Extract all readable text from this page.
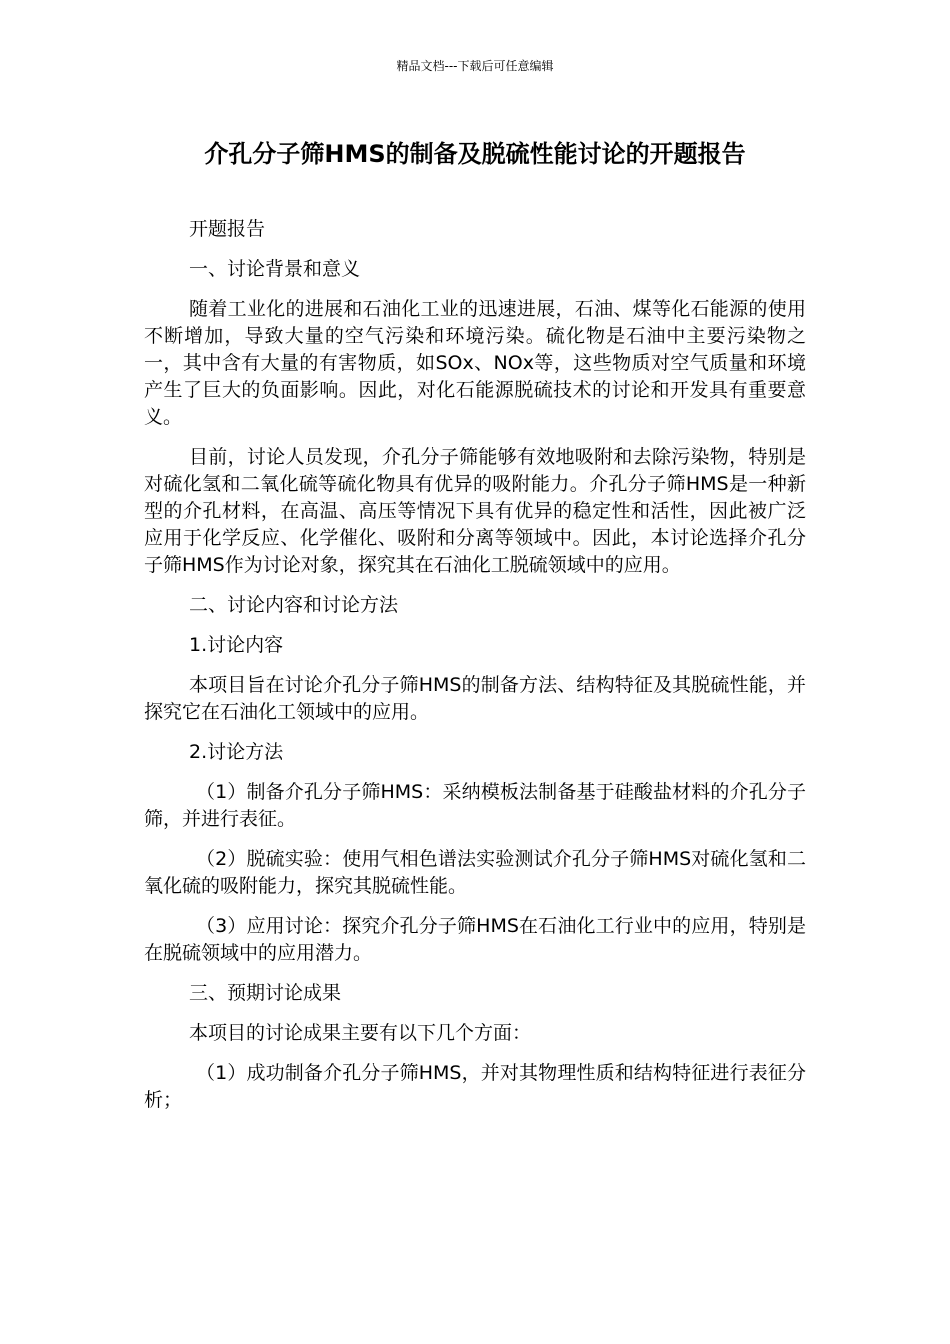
精品文档---下载后可任意编辑
介孔分子筛HMS的制备及脱硫性能讨论的开题报告

开题报告

一、讨论背景和意义

随着工业化的进展和石油化工业的迅速进展，石油、煤等化石能源的使用不断增加，导致大量的空气污染和环境污染。硫化物是石油中主要污染物之一，其中含有大量的有害物质，如SOx、NOx等，这些物质对空气质量和环境产生了巨大的负面影响。因此，对化石能源脱硫技术的讨论和开发具有重要意义。

目前，讨论人员发现，介孔分子筛能够有效地吸附和去除污染物，特别是对硫化氢和二氧化硫等硫化物具有优异的吸附能力。介孔分子筛HMS是一种新型的介孔材料，在高温、高压等情况下具有优异的稳定性和活性，因此被广泛应用于化学反应、化学催化、吸附和分离等领域中。因此，本讨论选择介孔分子筛HMS作为讨论对象，探究其在石油化工脱硫领域中的应用。

二、讨论内容和讨论方法

1.讨论内容

本项目旨在讨论介孔分子筛HMS的制备方法、结构特征及其脱硫性能，并探究它在石油化工领域中的应用。

2.讨论方法

（1）制备介孔分子筛HMS：采纳模板法制备基于硅酸盐材料的介孔分子筛，并进行表征。

（2）脱硫实验：使用气相色谱法实验测试介孔分子筛HMS对硫化氢和二氧化硫的吸附能力，探究其脱硫性能。

（3）应用讨论：探究介孔分子筛HMS在石油化工行业中的应用，特别是在脱硫领域中的应用潜力。

三、预期讨论成果

本项目的讨论成果主要有以下几个方面：

（1）成功制备介孔分子筛HMS，并对其物理性质和结构特征进行表征分析；
